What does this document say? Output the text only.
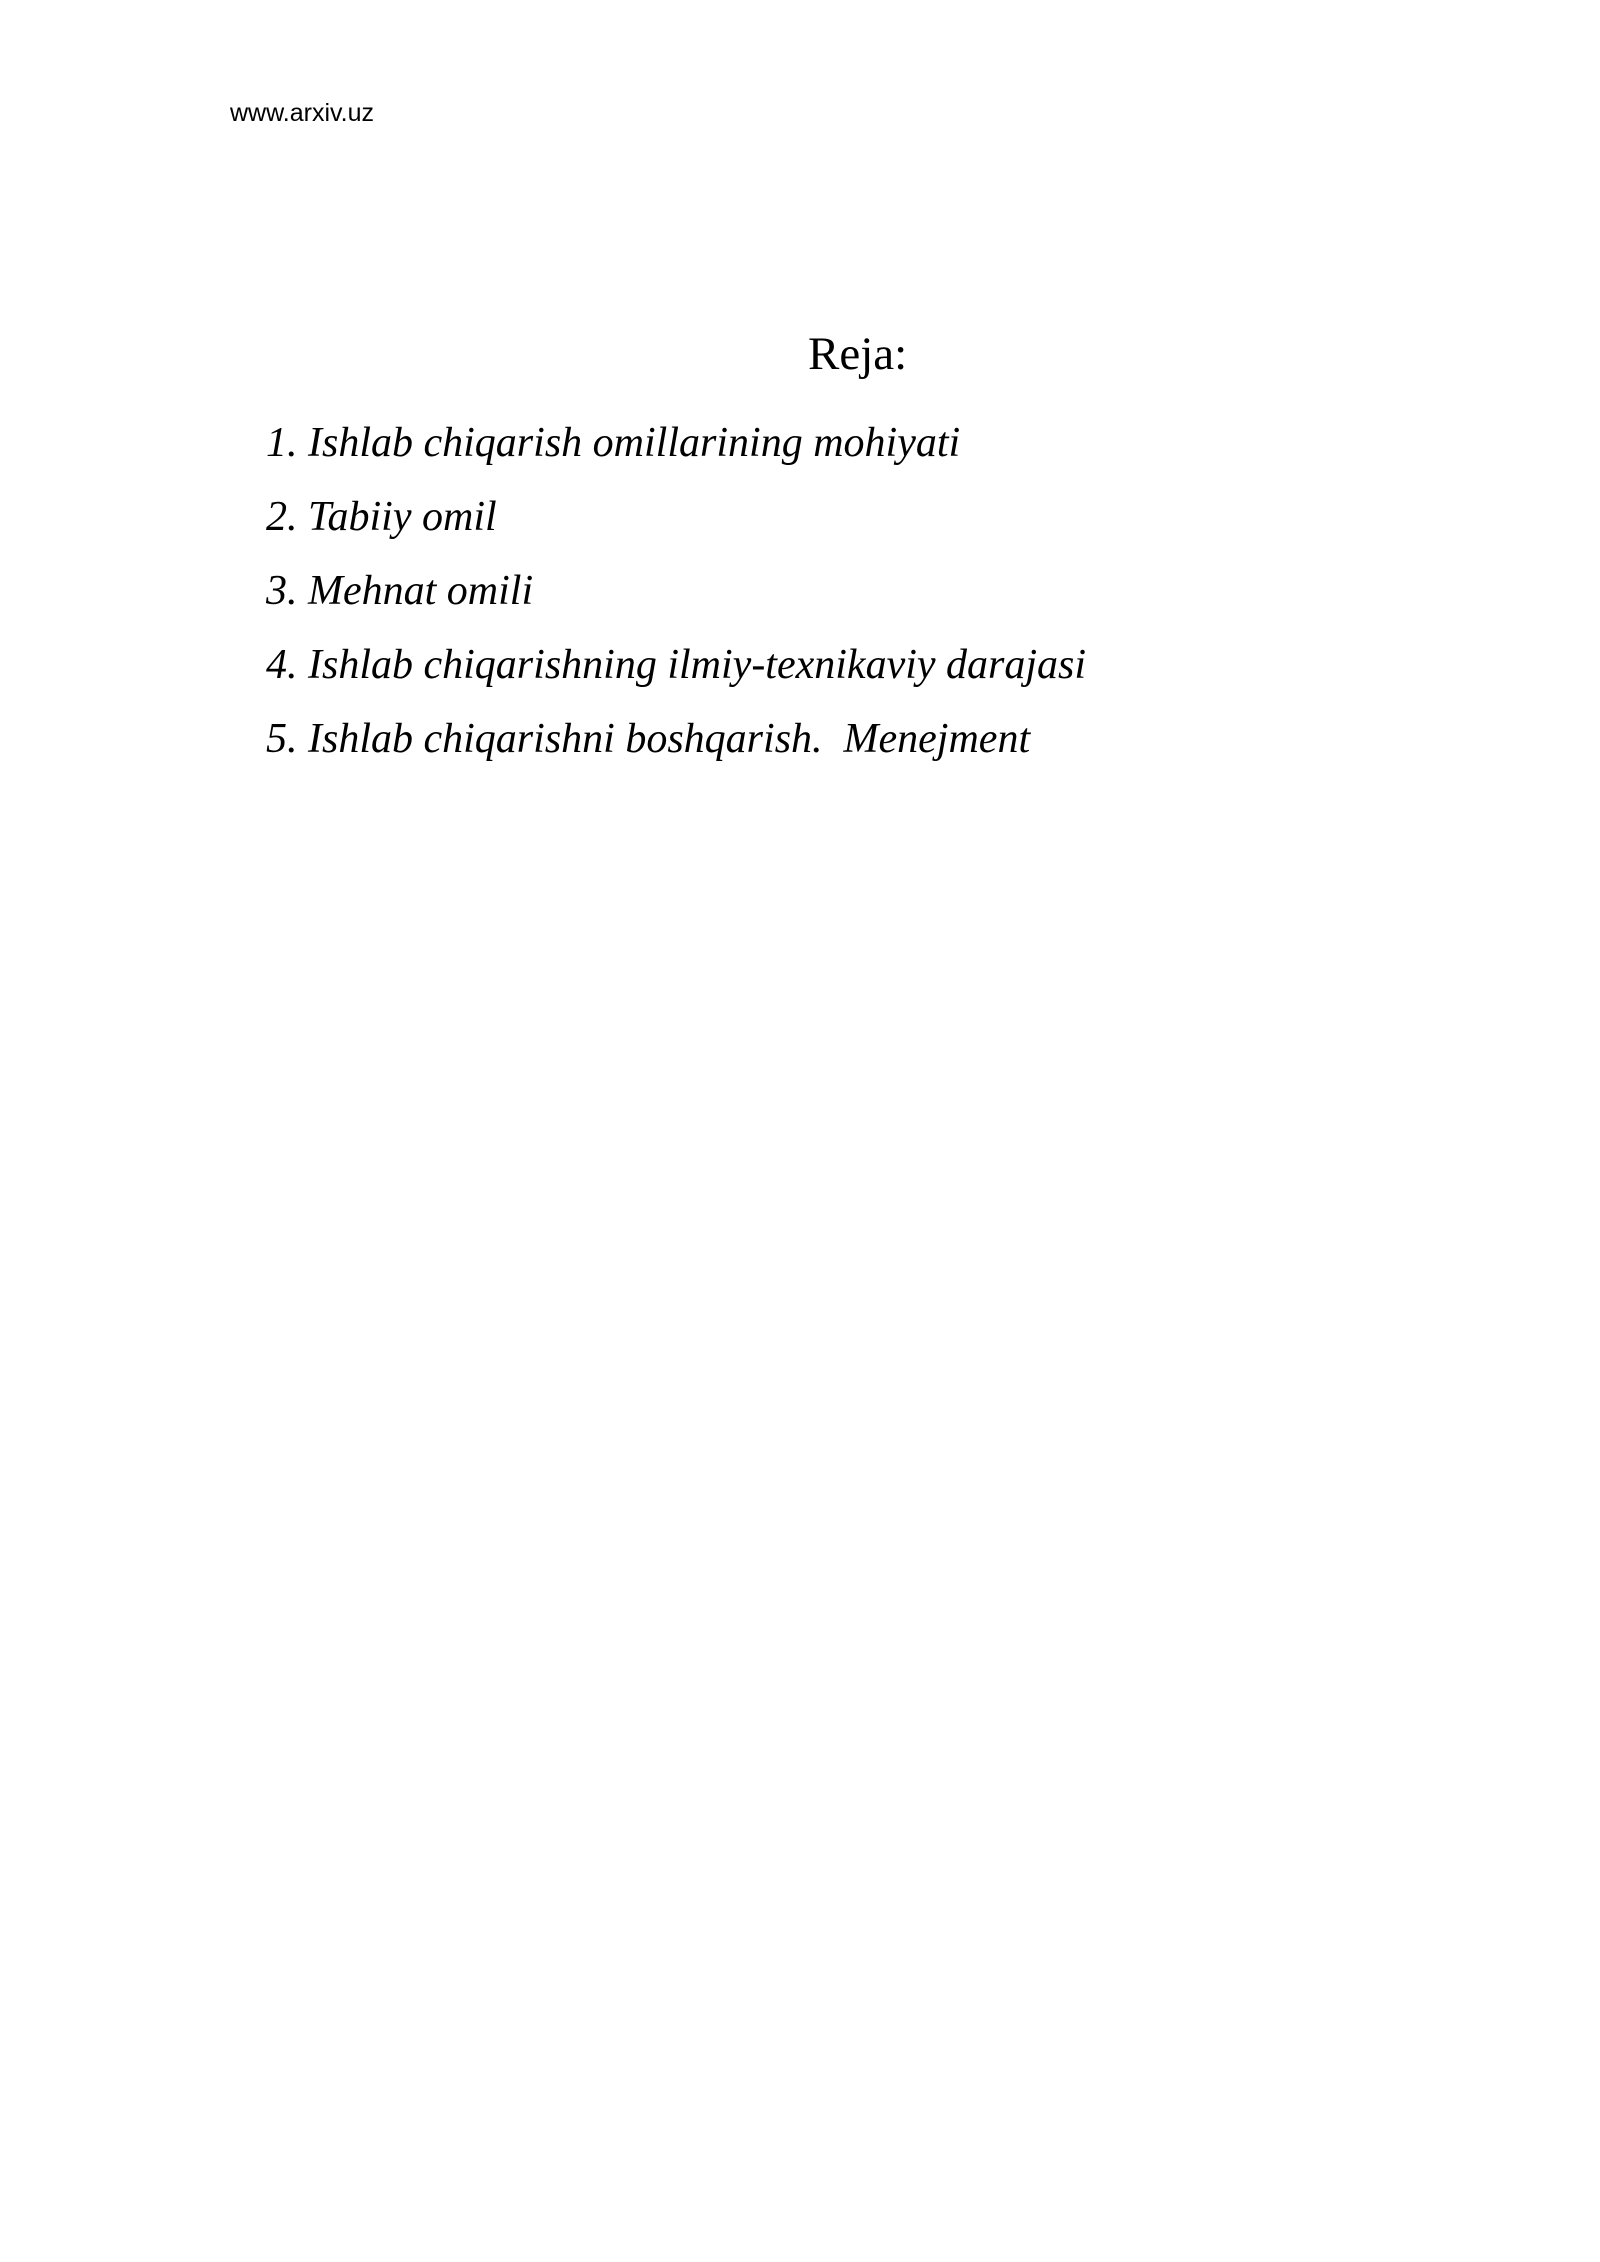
www.arxiv.uz
Reja:
1. Ishlab chiqarish omillarining mohiyati
2. Tabiiy omil
3. Mehnat omili
4. Ishlab chiqarishning ilmiy-texnikaviy darajasi
5. Ishlab chiqarishni boshqarish.  Menejment
